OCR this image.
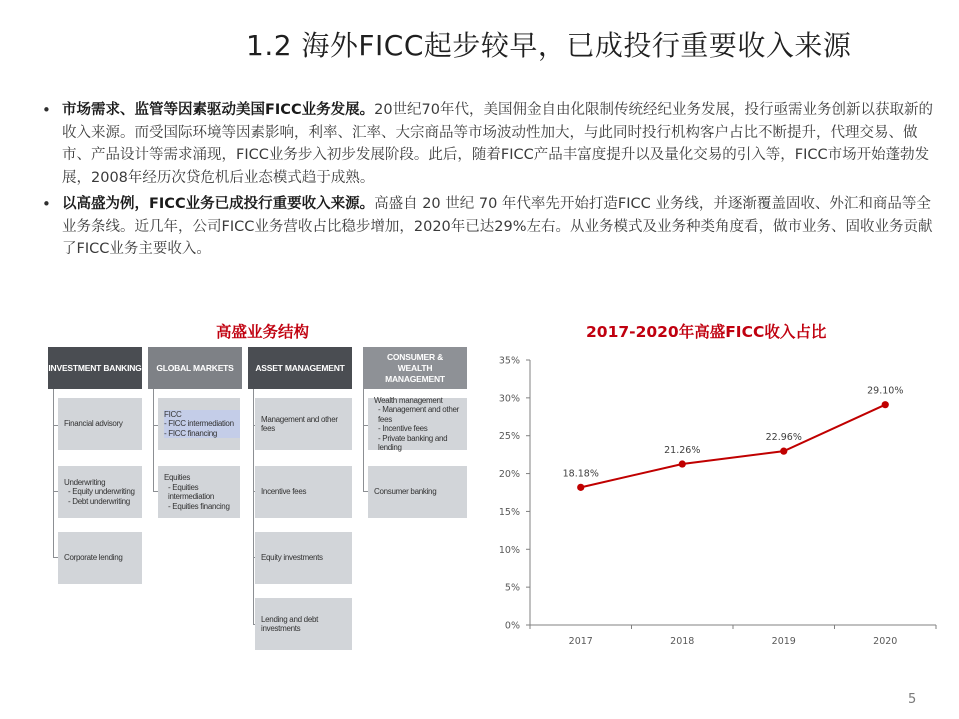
1.2 海外FICC起步较早，已成投行重要收入来源
• 市场需求、监管等因素驱动美国FICC业务发展。20世纪70年代，美国佣金自由化限制传统经纪业务发展，投行亟需业务创新以获取新的收入来源。而受国际环境等因素影响，利率、汇率、大宗商品等市场波动性加大，与此同时投行机构客户占比不断提升，代理交易、做市、产品设计等需求涌现，FICC业务步入初步发展阶段。此后，随着FICC产品丰富度提升以及量化交易的引入等，FICC市场开始蓬勃发展，2008年经历次贷危机后业态模式趋于成熟。
• 以高盛为例，FICC业务已成投行重要收入来源。高盛自 20 世纪 70 年代率先开始打造FICC 业务线，并逐渐覆盖固收、外汇和商品等全业务条线。近几年，公司FICC业务营收占比稳步增加，2020年已达29%左右。从业务模式及业务种类角度看，做市业务、固收业务贡献了FICC业务主要收入。
高盛业务结构	2017-2020年高盛FICC收入占比
INVESTMENT BANKING
Financial advisory
Underwriting
- Equity underwriting
- Debt underwriting
Corporate lending
GLOBAL MARKETS
FICC
- FICC intermediation
- FICC financing
Equities
- Equities intermediation
- Equities financing
ASSET MANAGEMENT
Management and other fees
Incentive fees
Equity investments
Lending and debt investments
CONSUMER & WEALTH MANAGEMENT
Wealth management
- Management and other fees
- Incentive fees
- Private banking and lending
Consumer banking
0%
5%
10%
15%
20%
25%
30%
35%
2017	2018	2019	2020
18.18%
21.26%
22.96%
29.10%
5
